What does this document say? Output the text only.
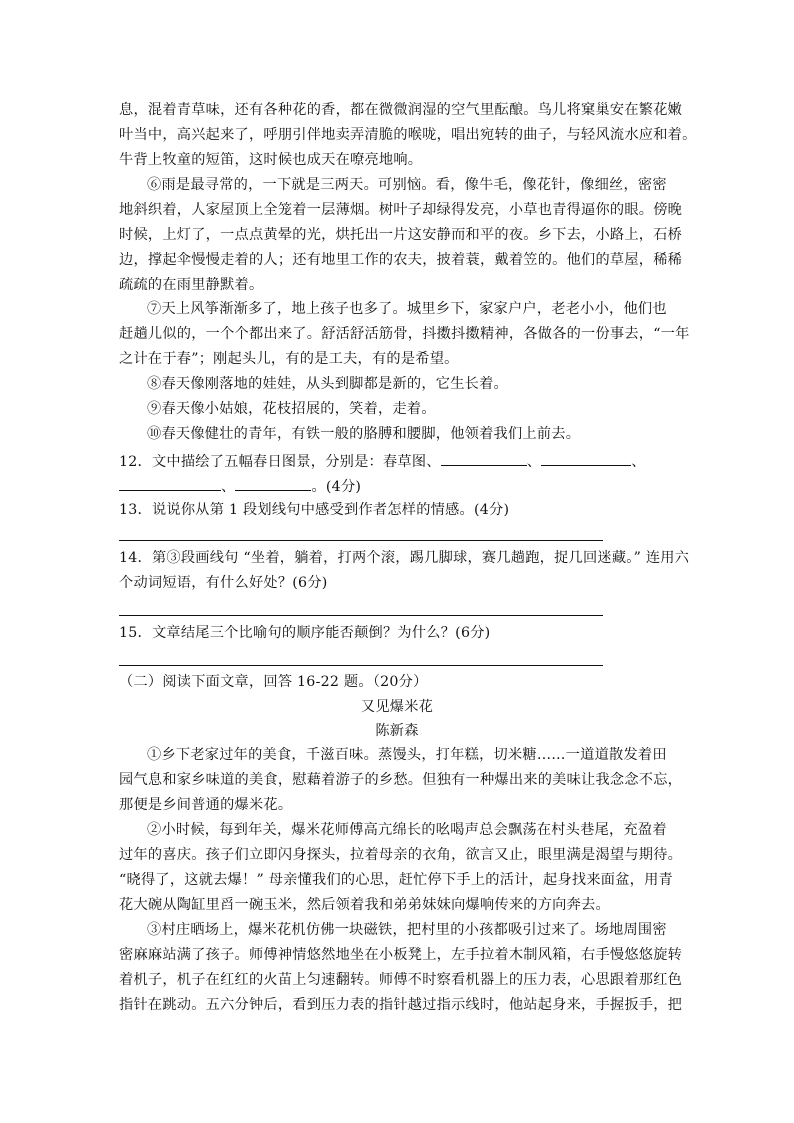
息，混着青草味，还有各种花的香，都在微微润湿的空气里酝酿。鸟儿将窠巢安在繁花嫩
叶当中，高兴起来了，呼朋引伴地卖弄清脆的喉咙，唱出宛转的曲子，与轻风流水应和着。
牛背上牧童的短笛，这时候也成天在嘹亮地响。
⑥雨是最寻常的，一下就是三两天。可别恼。看，像牛毛，像花针，像细丝，密密
地斜织着，人家屋顶上全笼着一层薄烟。树叶子却绿得发亮，小草也青得逼你的眼。傍晚
时候，上灯了，一点点黄晕的光，烘托出一片这安静而和平的夜。乡下去，小路上，石桥
边，撑起伞慢慢走着的人；还有地里工作的农夫，披着蓑，戴着笠的。他们的草屋，稀稀
疏疏的在雨里静默着。
⑦天上风筝渐渐多了，地上孩子也多了。城里乡下，家家户户，老老小小，他们也
赶趟儿似的，一个个都出来了。舒活舒活筋骨，抖擞抖擞精神，各做各的一份事去，“一年
之计在于春”；刚起头儿，有的是工夫，有的是希望。
⑧春天像刚落地的娃娃，从头到脚都是新的，它生长着。
⑨春天像小姑娘，花枝招展的，笑着，走着。
⑩春天像健壮的青年，有铁一般的胳膊和腰脚，他领着我们上前去。
12．文中描绘了五幅春日图景，分别是：春草图、	、	、
、	。(4分)
13．说说你从第 1 段划线句中感受到作者怎样的情感。(4分)
14．第③段画线句 “坐着，躺着，打两个滚，踢几脚球，赛几趟跑，捉几回迷藏。” 连用六
个动词短语，有什么好处？(6分)
15．文章结尾三个比喻句的顺序能否颠倒？为什么？(6分)
（二）阅读下面文章，回答 16-22 题。（20分）
又见爆米花
陈新森
①乡下老家过年的美食，千滋百味。蒸馒头，打年糕，切米糖……一道道散发着田
园气息和家乡味道的美食，慰藉着游子的乡愁。但独有一种爆出来的美味让我念念不忘，
那便是乡间普通的爆米花。
②小时候，每到年关，爆米花师傅高亢绵长的吆喝声总会飘荡在村头巷尾，充盈着
过年的喜庆。孩子们立即闪身探头，拉着母亲的衣角，欲言又止，眼里满是渴望与期待。
“晓得了，这就去爆！” 母亲懂我们的心思，赶忙停下手上的活计，起身找来面盆，用青
花大碗从陶缸里舀一碗玉米，然后领着我和弟弟妹妹向爆响传来的方向奔去。
③村庄晒场上，爆米花机仿佛一块磁铁，把村里的小孩都吸引过来了。场地周围密
密麻麻站满了孩子。师傅神情悠然地坐在小板凳上，左手拉着木制风箱，右手慢悠悠旋转
着机子，机子在红红的火苗上匀速翻转。师傅不时察看机器上的压力表，心思跟着那红色
指针在跳动。五六分钟后，看到压力表的指针越过指示线时，他站起身来，手握扳手，把
